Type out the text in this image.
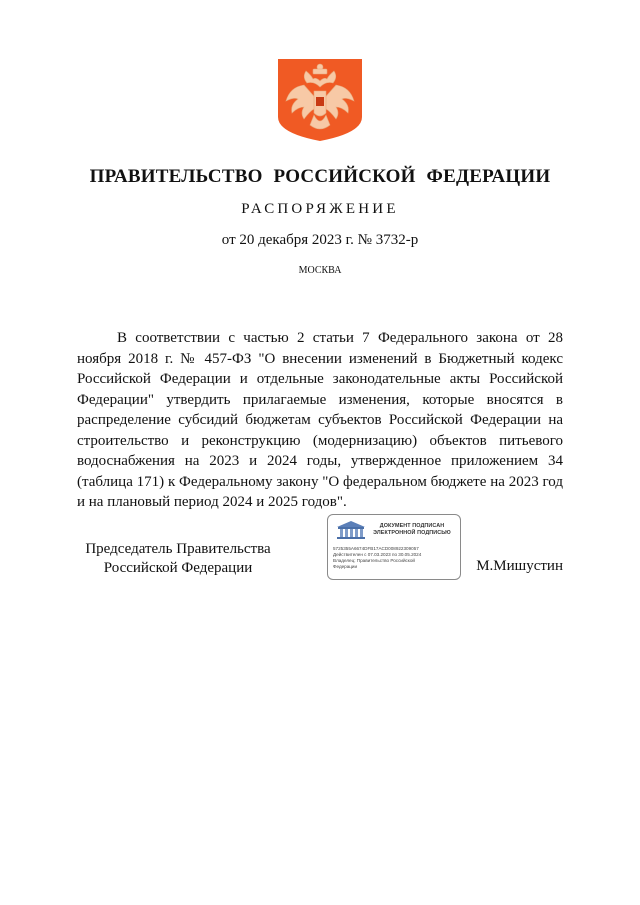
ПРАВИТЕЛЬСТВО РОССИЙСКОЙ ФЕДЕРАЦИИ
РАСПОРЯЖЕНИЕ
от 20 декабря 2023 г. № 3732-р
МОСКВА

В соответствии с частью 2 статьи 7 Федерального закона от 28 ноября 2018 г. № 457-ФЗ "О внесении изменений в Бюджетный кодекс Российской Федерации и отдельные законодательные акты Российской Федерации" утвердить прилагаемые изменения, которые вносятся в распределение субсидий бюджетам субъектов Российской Федерации на строительство и реконструкцию (модернизацию) объектов питьевого водоснабжения на 2023 и 2024 годы, утвержденное приложением 34 (таблица 171) к Федеральному закону "О федеральном бюджете на 2023 год и на плановый период 2024 и 2025 годов".

Председатель Правительства
Российской Федерации
ДОКУМЕНТ ПОДПИСАН
ЭЛЕКТРОННОЙ ПОДПИСЬЮ
5725355A6674DFB17ACD008922309057
Действителен с 07.03.2023 по 30.05.2024
Владелец: Правительство Российской
Федерации	М.Мишустин
